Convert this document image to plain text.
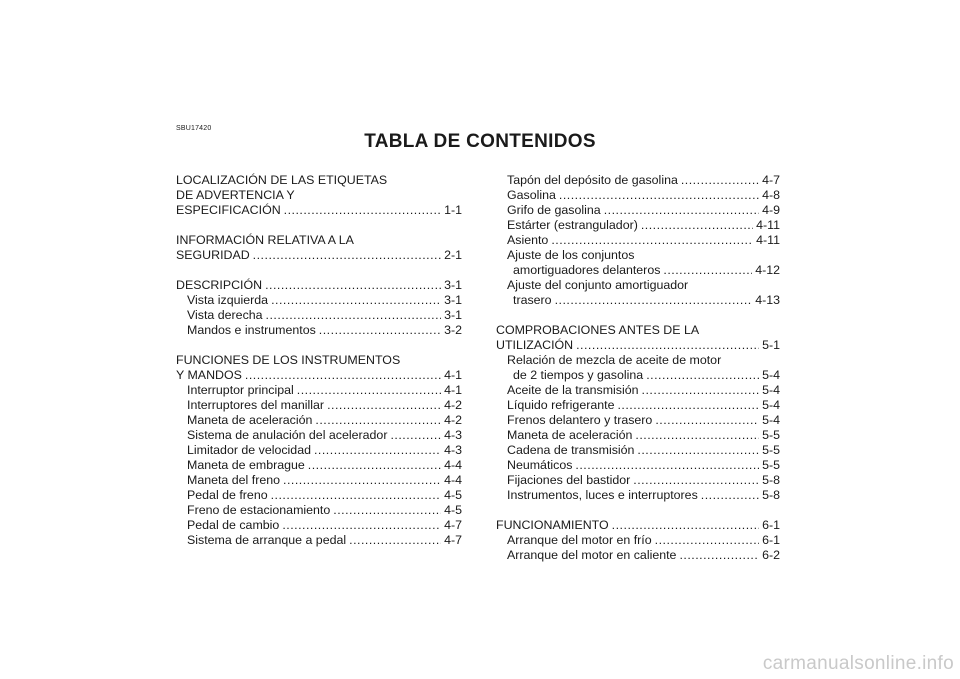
SBU17420
TABLA DE CONTENIDOS
LOCALIZACIÓN DE LAS ETIQUETAS
DE ADVERTENCIA Y
ESPECIFICACIÓN .....	1-1
INFORMACIÓN RELATIVA A LA
SEGURIDAD .....	2-1
DESCRIPCIÓN .....	3-1
Vista izquierda .....	3-1
Vista derecha .....	3-1
Mandos e instrumentos .....	3-2
FUNCIONES DE LOS INSTRUMENTOS
Y MANDOS .....	4-1
Interruptor principal .....	4-1
Interruptores del manillar .....	4-2
Maneta de aceleración .....	4-2
Sistema de anulación del acelerador .....	4-3
Limitador de velocidad .....	4-3
Maneta de embrague .....	4-4
Maneta del freno .....	4-4
Pedal de freno .....	4-5
Freno de estacionamiento .....	4-5
Pedal de cambio .....	4-7
Sistema de arranque a pedal .....	4-7
Tapón del depósito de gasolina .....	4-7
Gasolina .....	4-8
Grifo de gasolina .....	4-9
Estárter (estrangulador) .....	4-11
Asiento .....	4-11
Ajuste de los conjuntos
amortiguadores delanteros .....	4-12
Ajuste del conjunto amortiguador
trasero .....	4-13
COMPROBACIONES ANTES DE LA
UTILIZACIÓN .....	5-1
Relación de mezcla de aceite de motor
de 2 tiempos y gasolina .....	5-4
Aceite de la transmisión .....	5-4
Líquido refrigerante .....	5-4
Frenos delantero y trasero .....	5-4
Maneta de aceleración .....	5-5
Cadena de transmisión .....	5-5
Neumáticos .....	5-5
Fijaciones del bastidor .....	5-8
Instrumentos, luces e interruptores .....	5-8
FUNCIONAMIENTO .....	6-1
Arranque del motor en frío .....	6-1
Arranque del motor en caliente .....	6-2
carmanualsonline.info
